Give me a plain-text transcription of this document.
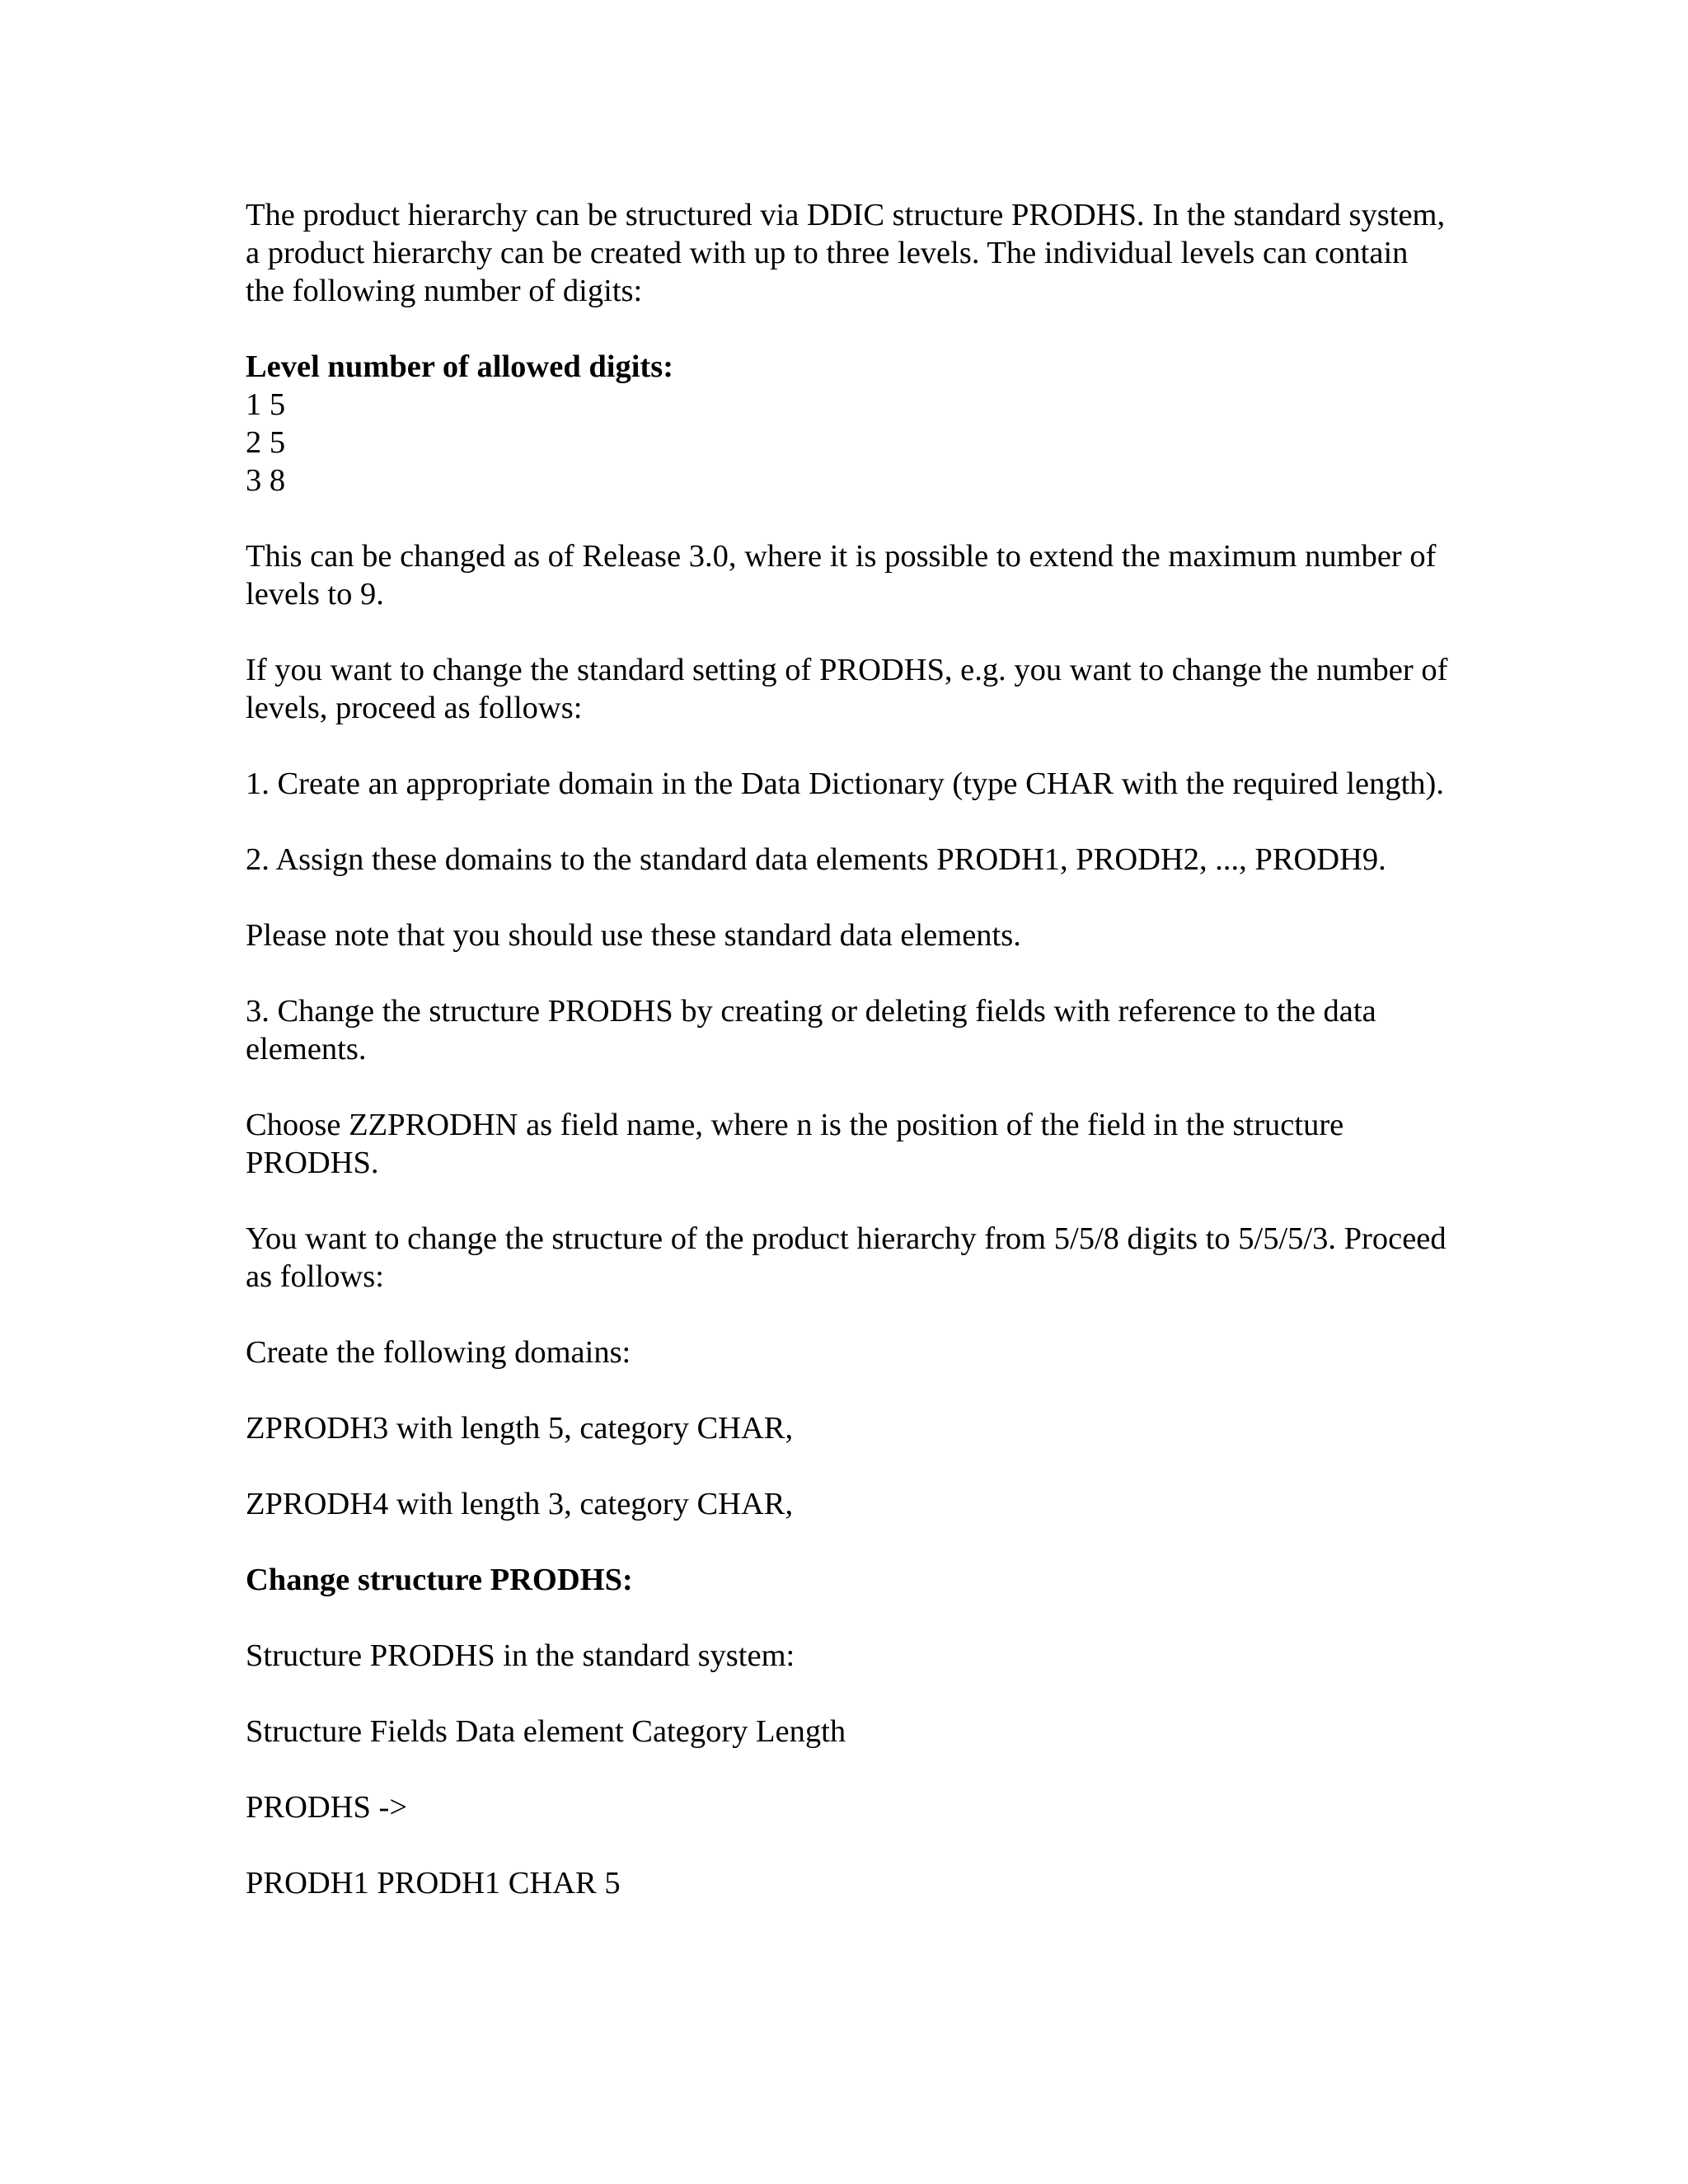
The product hierarchy can be structured via DDIC structure PRODHS. In the standard system, a product hierarchy can be created with up to three levels. The individual levels can contain the following number of digits:

Level number of allowed digits:
1 5
2 5
3 8

This can be changed as of Release 3.0, where it is possible to extend the maximum number of levels to 9.

If you want to change the standard setting of PRODHS, e.g. you want to change the number of levels, proceed as follows:

1. Create an appropriate domain in the Data Dictionary (type CHAR with the required length).

2. Assign these domains to the standard data elements PRODH1, PRODH2, ..., PRODH9.

Please note that you should use these standard data elements.

3. Change the structure PRODHS by creating or deleting fields with reference to the data elements.

Choose ZZPRODHN as field name, where n is the position of the field in the structure PRODHS.

You want to change the structure of the product hierarchy from 5/5/8 digits to 5/5/5/3. Proceed as follows:

Create the following domains:

ZPRODH3 with length 5, category CHAR,

ZPRODH4 with length 3, category CHAR,

Change structure PRODHS:

Structure PRODHS in the standard system:

Structure Fields Data element Category Length

PRODHS ->

PRODH1 PRODH1 CHAR 5
